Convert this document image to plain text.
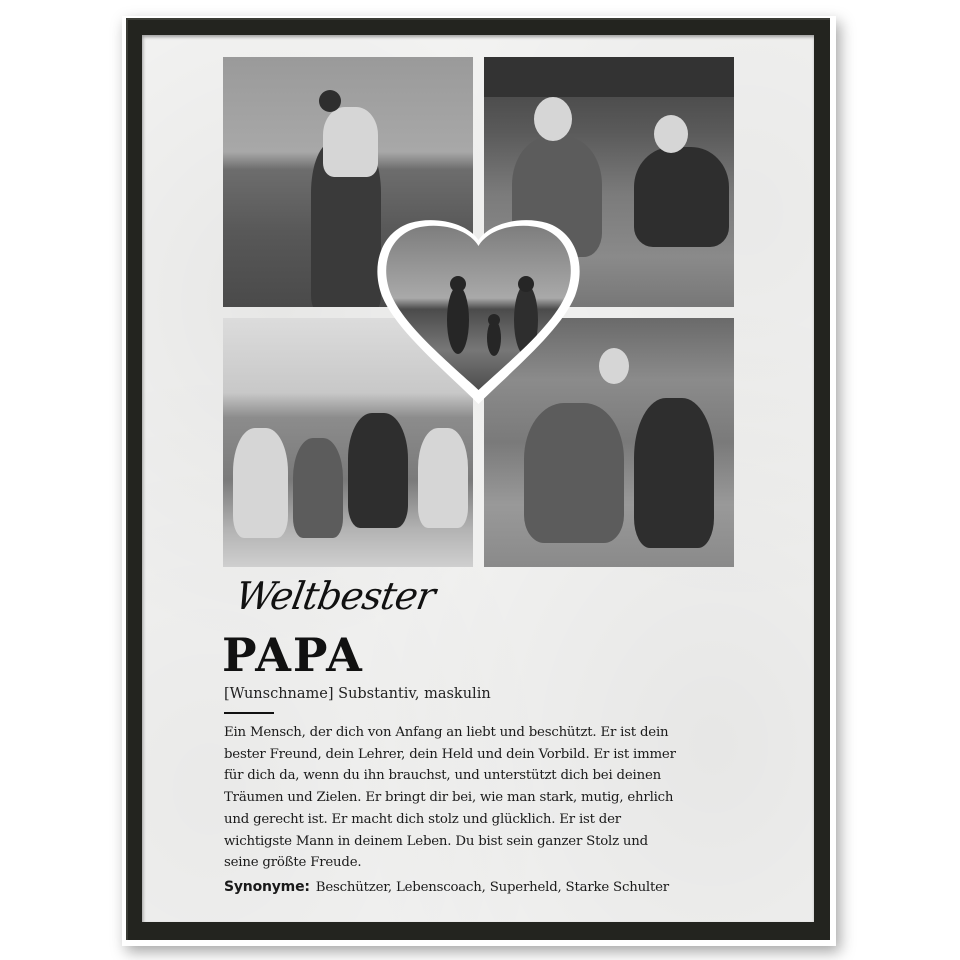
Weltbester
PAPA
[Wunschname] Substantiv, maskulin
Ein Mensch, der dich von Anfang an liebt und beschützt. Er ist dein
bester Freund, dein Lehrer, dein Held und dein Vorbild. Er ist immer
für dich da, wenn du ihn brauchst, und unterstützt dich bei deinen
Träumen und Zielen. Er bringt dir bei, wie man stark, mutig, ehrlich
und gerecht ist. Er macht dich stolz und glücklich. Er ist der
wichtigste Mann in deinem Leben. Du bist sein ganzer Stolz und
seine größte Freude.
Synonyme: Beschützer, Lebenscoach, Superheld, Starke Schulter
